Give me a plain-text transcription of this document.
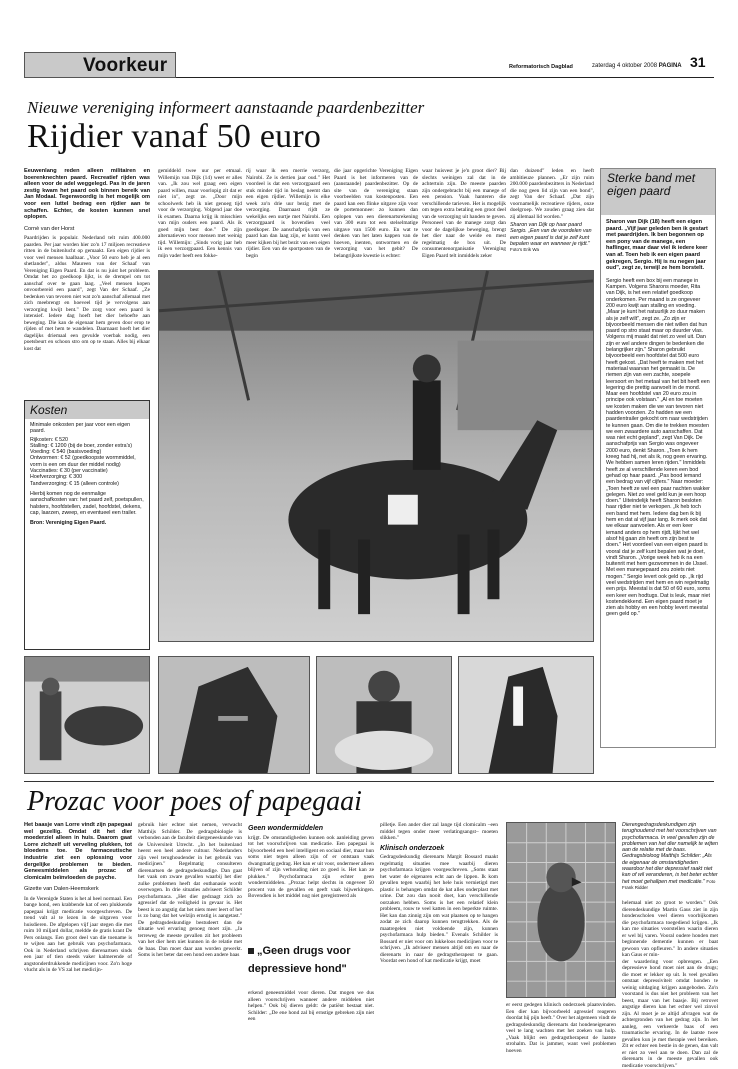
Voorkeur	Reformatorisch Dagblad	zaterdag 4 oktober 2008 PAGINA 31
Nieuwe vereniging informeert aanstaande paardenbezitter
Rijdier vanaf 50 euro

Eeuwenlang reden alleen militairen en boerenknechten paard. Recreatief rijden was alleen voor de adel weggelegd. Pas in de jaren zestig kwam het paard ook binnen bereik van Jan Modaal. Tegenwoordig is het mogelijk om voor een luttel bedrag een rijdier aan te schaffen. Echter, de kosten kunnen snel oplopen.

Cornè van der Horst

Paardrijden is populair. Nederland telt ruim 400.000 paarden. Per jaar worden hier zo'n 17 miljoen recreatieve ritten in de buitenlucht op gemaakt. Een eigen rijdier is voor veel mensen haalbaar. „Voor 50 euro heb je al een shetlander", aldus Maureen van der Schaaf van Vereniging Eigen Paard. En dat is nu juist het probleem. Omdat het zo goedkoop lijkt, is de drempel om tot aanschaf over te gaan laag. „Veel mensen kopen onvoorbereid een paard", zegt Van der Schaaf. „Ze bedenken van tevoren niet wat zo'n aanschaf allemaal met zich meebrengt en hoeveel tijd je vervolgens aan verzorging kwijt bent." De zorg voor een paard is intensief. Iedere dag hoeft het dier behoefte aan beweging. Die kan de eigenaar hem geven door erop te rijden of met hem te wandelen. Daarnaast hoeft het dier dagelijks driemaal een gevulde voerbak nodig, een poetsbeurt en schoon stro om op te staan. Alles bij elkaar kost dat

Kosten
Minimale onkosten per jaar voor een eigen paard.
Rijkosten: € 520
Stalling: € 1200 (bij de boer, zonder extra's)
Voeding: € 540 (basisvoeding)
Ontwormen: € 52 (goedkoopste wormmiddel, vorm is een om duur der middel nodig)
Vaccinaties: € 30 (per vaccinatie)
Hoefverzorging: € 300
Tandverzorging: € 15 (alleen controle)
Hierbij komen nog de eenmalige aanschafkosten van: het paard zelf, poetspullen, halsters, hoofdstellen, zadel, hoofdstel, dekens, cap, laarzen, zweep, en eventueel een trailer.
Bron: Vereniging Eigen Paard.
gemiddeld twee uur per etmaal. Willemijn van Dijk (14) weet er alles van. „Ik zou wel graag een eigen paard willen, maar voorlopig zit dat er niet in", zegt ze. „Door mijn schoolwerk heb ik niet genoeg tijd voor de verzorging. Volgend jaar doe ik examen. Daarna krijg ik misschien van mijn ouders een paard. Als ik goed mijn best doe." De zijn alternatieven voor mensen met weinig tijd. Willemijn: „Sinds vorig jaar heb ik een verzorgpaard. Een kennis van mijn vader heeft een fokke-
rij waar ik een merrie verzorg, Nairobi. Ze is dertien jaar oud." Het voordeel is dat een verzorgpaard een stuk minder tijd in beslag neemt dan een eigen rijdier. Willemijn is elke week zo'n drie uur bezig met de verzorging. Daarnaast rijdt ze wekelijks een uurtje met Nairobi. Een verzorgpaard is bovendien veel goedkoper. De aanschafprijs van een paard kan dan laag zijn, er komt veel meer kijken bij het bezit van een eigen rijdier. Een van de sportposten van de begin
die jaar opgerichte Vereniging Eigen Paard is het informeren van de (aanstaande) paardenbezitter. Op de site van de vereniging staan voorbeelden van kostenposten. Een paard kan een flinke uitgave zijn voor de portemonnee: zo kunnen dan oplopen van een dierenartsrekening van 300 euro tot een stelselmatige uitgave van 1500 euro. En wat te denken van het laten kappen van de hoeven, inenten, ontwormen en de verzorging van het gebit? De belangrijkste kwestie is echter:
waar huisvest je je'n groot dier? Bij slechts weinigen zal dat in de achtertuin zijn. De meeste paarden zijn ondergebracht bij een manege of een pension. Vaak hanteren die verschillende tarieven. Het is mogelijk om tegen extra betaling een groot deel van de verzorging uit handen te geven. Personeel van de manege zorgt dan voor de dagelijkse beweging, brengt het dier naar de weide en mest regelmatig de box uit. De consumentenorganisatie Vereniging Eigen Paard telt inmiddels zeker
dan duizend" leden en heeft ambitieuze plannen. „Er zijn ruim 200.000 paardenbezitters in Nederland die nog geen lid zijn van een bond", zegt Van der Schaaf. „Dat zijn voornamelijk recreatieve rijders, onze doelgroep. We zouden graag zien dat zij allemaal lid worden."
Sharon van Dijk op haar paard Sergio. „Een van de voordelen van een eigen paard is dat je zelf kunt bepalen waar en wanneer je rijdt." Foto's Erik Wa
Sterke band met eigen paard
Sharon van Dijk (18) heeft een eigen paard. „Vijf jaar geleden ben ik gestart met paardrijden. Ik ben begonnen op een pony van de manege, een haflinger, maar daar viel ik iedere keer van af. Toen heb ik een eigen paard gekregen, Sergio. Hij is nu negen jaar oud", zegt ze, terwijl ze hem borstelt.
Sergio heeft een box bij een manege in Kampen. Volgens Sharons moeder, Rita van Dijk, is het een relatief goedkoop onderkomen. Per maand is ze ongeveer 200 euro kwijt aan stalling en voeding. „Maar je kunt het natuurlijk zo duur maken als je zelf wilt", zegt ze. „Zo zijn er bijvoorbeeld mensen die niet willen dat hun paard op stro staat maar op duurder vlas. Volgens mij maakt dat niet zo veel uit. Dan zijn er wel andere dingen te bedenken die belangrijker zijn." Sharon gebruikt bijvoorbeeld een hoofdstel dat 500 euro heeft gekost. „Dat heeft te maken met het materiaal waarvan het gemaakt is. De riemen zijn van een zachte, soepele leersoort en het metaal van het bit heeft een legering die prettig aanvoelt in de mond. Maar een hoofdstel van 20 euro zou in principe ook volstaan." „Al en toe moeten we kosten maken die we van tevoren niet hadden voorzien. Zo hadden we een paardentrailer gekocht om naar wedstrijden te kunnen gaan. Om die te trekken moesten we een zwaardere auto aanschaffen. Dat was niet echt gepland", zegt Van Dijk. De aanschafprijs van Sergio was ongeveer 2000 euro, denkt Sharon. „Toen ik hem kreeg had hij, net als ik, nog geen ervaring. We hebben samen leren rijden." Inmiddels heeft ze al verschillende keren een bod gehad op haar paard. „Pas bood iemand een bedrag van vijf cijfers." Naar moeder: „Toen heeft ze wel een paar nachten wakker gelegen. Niet zo veel geld kun je een hoop doen." Uiteindelijk heeft Sharon besloten haar rijdier niet te verkopen. „Ik heb toch een band met hem. Iedere dag ben ik bij hem en dat al vijf jaar lang. Ik merk ook dat we elkaar aanvoelen. Als er een keer iemand anders op hem rijdt, lijkt het wel alsof hij gaan zin heeft om zijn best te doen." Het voordeel van een eigen paard is vooral dat je zelf kunt bepalen wat je doet, vindt Sharon. „Vorige week heb ik na een buitenrit met hem gezwommen in de IJssel. Met een manegepaard zou zoiets niet mogen." Sergio levert ook geld op. „Ik rijd veel wedstrijden met hem en win regelmatig een prijs. Meestal is dat 50 of 60 euro, soms een keer een hodtugs. Dat is leuk, maar niet kostendekkend. Een eigen paard moet je zien als hobby en een hobby levert meestal geen geld op."
Prozac voor poes of papegaai

Het baasje van Lorre vindt zijn papegaai wel gezellig. Omdat dit het dier moederziel alleen in huis. Daarom gaat Lorre zichzelf uit verveling plukken, tot bloedens toe. De farmaceutische industrie ziet een oplossing voor dergelijke problemen te bieden. Geneesmiddelen als prozac of clomicalm beïnvloeden de psyche.

Gizette van Dalen-Heemskerk

In de Verenigde Staten is het al heel normaal. Een bange hond, een krabbende kat of een plukkende papegaai krijgt medicatie voorgeschreven. De trend valt al te lezen in de uitgaven voor huisdieren. De afgelopen vijf jaar stegen die met ruim 10 miljard dollar, meldde de gratis krant De Pers onlangs. Een groot deel van die toename is te wijten aan het gebruik van psychofarmaca. Ook in Nederland schrijven dierenartsen sinds een jaar of tien steeds vaker kalmerende of angstonderdrukkende medicijnen voor. Zo'n hoge vlucht als in de VS zal het medicijn-

gebruik hier echter niet nemen, verwacht Matthijs Schilder. De gedragsbiologie is verbonden aan de faculteit diergeneeskunde van de Universiteit Utrecht. „In het buitenland heerst een heel andere cultuur. Nederlanders zijn veel terughoudender in het gebruik van medicijnen." Regelmatig consulteren dierenartsen de gedragsdeskundige. Dan gaat het vaak om zware gevallen waarbij het dier zulke problemen heeft dat euthanasie wordt overwogen. In drie situaties adviseert Schilder psychofarmaca. „Het dier gedraagt zich zo agressief dat de veiligheid in gevaar is. Het beest is zo angstig dat het niets meer leert of het is zo bang dat het welzijn ernstig is aangetast." De gedragsdeskundige bestudeert dan de situatie wel ervaring genoeg moet zijn. „Ja terreweg de meeste gevallen zit het probleem van het dier hem niet kunnen in de relatie met de baas. Dan moet daar aan worden gewerkt. Soms is het beter dat een hond een andere baas

Geen wondermiddelen

krijgt. De omstandigheden kunnen ook aanleiding geven tot het voorschrijven van medicatie. Een papegaai is bijvoorbeeld een heel intelligent en sociaal dier, maar hun soms niet tegen alleen zijn of er ontstaan vaak dwangmatig gedrag. Het kan er uit voor, ondermeer alleen blijven of zijn verhouding niet zo goed is. Het kan ze plukken." Psychofarmaca zijn echter geen wondermiddelen. „Prozac helpt slechts in ongeveer 50 procent van de gevallen en geeft vaak bijwerkingen. Bovendien is het middel nog niet geregistreerd als

„Geen drugs voor depressieve hond"
erkend geneesmiddel voor dieren. Dat mogen we dus alleen voorschrijven wanneer andere middelen niet helpen." Ook bij dieren geldt: de patiënt bestaat niet. Schilder: „De ene hond zal bij ernstige gebreken zijn niet een

pilletje. Een ander dier zal lange tijd clomicalm –een middel tegen onder meer verlatingsangst– moeten slikken."

Klinisch onderzoek

Gedragsdeskundig dierenarts Margit Bossard maakt regelmatig situaties mee waarbij dieren psychofarmaca krijgen voorgeschreven. „Soms staat het water de eigenaren echt aan de lippen. Ik kom gevallen tegen waarbij het hele huis vernietigd met plastic is behangen omdat de kat alles onderplast met urine. Dat zou dan nooit doet, kan verschillende oorzaken hebben. Soms is het een relatief klein probleem, rouw te veel katten in een beperkte ruimte. Het kan dan zinnig zijn om wat plaatsen op te hangen zodat ze zich daarop kunnen terugtrekken. Als de maatregelen niet voldoende zijn, kunnen psychofarmaca hulp bieden." Evenals Schilder is Bossard er niet voor om lukkeloos medicijnen voor te schrijven. „Ik adviseer mensen altijd om en naar de dierenarts in naar de gedragstherapeut te gaan. Voordat een hond of kat medicatie krijgt, moet

er eerst gedegen klinisch onderzoek plaatsvinden. Een dier kan bijvoorbeeld agressief reageren doordat hij pijn heeft." Over het algemeen vindt de gedragsdeskundig dierenarts dat hondeneigenaren veel te lang wachten met het zoeken van hulp. „Vaak blijkt een gedragstherapeut de laatste strohalm. Dat is jammer, want veel problemen hoeven
Dierengedragsdeskundigen zijn terughoudend met het voorschrijven van psychofarmaca. In veel gevallen zijn de problemen van het dier namelijk te wijten aan de relatie met de baas. Gedragsbioloog Matthijs Schilder: „Als de eigenaar de omstandigheden waardoor het dier depressief raakt niet kan of wil veranderen, is het beter echter het moet gehallpen met medicatie." Foto Frank Ridder

helemaal niet zo groot te worden." Ook dierendeskundige Martin Gaus ziet in zijn hondenscholen veel dieren voorbijkomen die psychofarmaca toegediend krijgen. „Ik kan me situaties voorstellen waarin dieren er wel bij varen. Vooral oudere honden met beginnende dementie kunnen er baat gewoon van opfleuren." In andere situaties kan Gaus er min-

der waardering voor opbrengen. „Een depressieve hond moet niet aan de drugs; die moet er lekker op uit. Is veel gevallen ontstaat depressiviteit omdat honden te weinig uitdaging krijgen aangeboden. Zo'n voorstand is dus niet het probleem van het beest, maar van het baasje. Bij retrovet angstige dieren kan het echter wel zinvol zijn. Al moet je ze altijd afvragen wat de achtergronden van het gedrag zijn. In het aanleg, een verkeerde baas of een traumatische ervaring. In de laatste twee gevallen kun je met therapie veel bereiken. Zit er echter een bestie in de genen, dan valt er niet zo veel aan te doen. Dan zal de dierenarts in de meeste gevallen ook medicatie voorschrijven."
